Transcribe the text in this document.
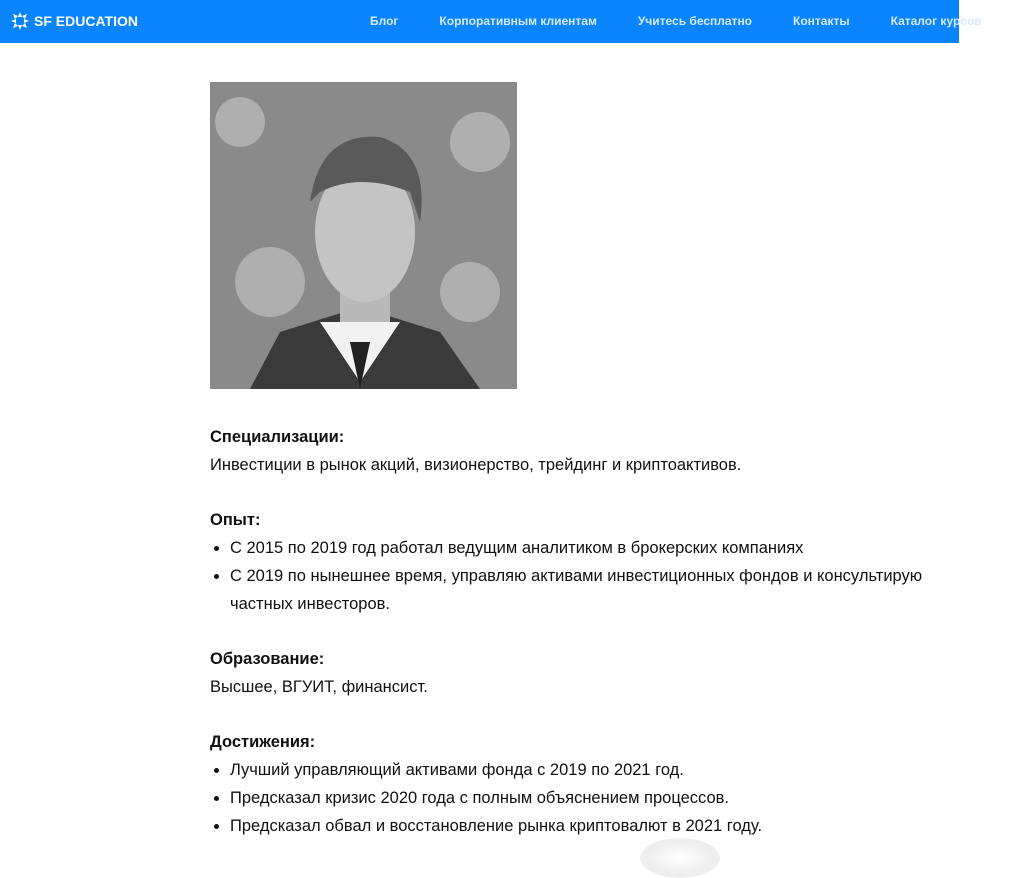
SF EDUCATION	Блог	Корпоративным клиентам	Учитесь бесплатно	Контакты	Каталог курсов
Специализации:
Инвестиции в рынок акций, визионерство, трейдинг и криптоактивов.
Опыт:
• С 2015 по 2019 год работал ведущим аналитиком в брокерских компаниях
• С 2019 по нынешнее время, управляю активами инвестиционных фондов и консультирую частных инвесторов.
Образование:
Высшее, ВГУИТ, финансист.
Достижения:
• Лучший управляющий активами фонда с 2019 по 2021 год.
• Предсказал кризис 2020 года с полным объяснением процессов.
• Предсказал обвал и восстановление рынка криптовалют в 2021 году.
